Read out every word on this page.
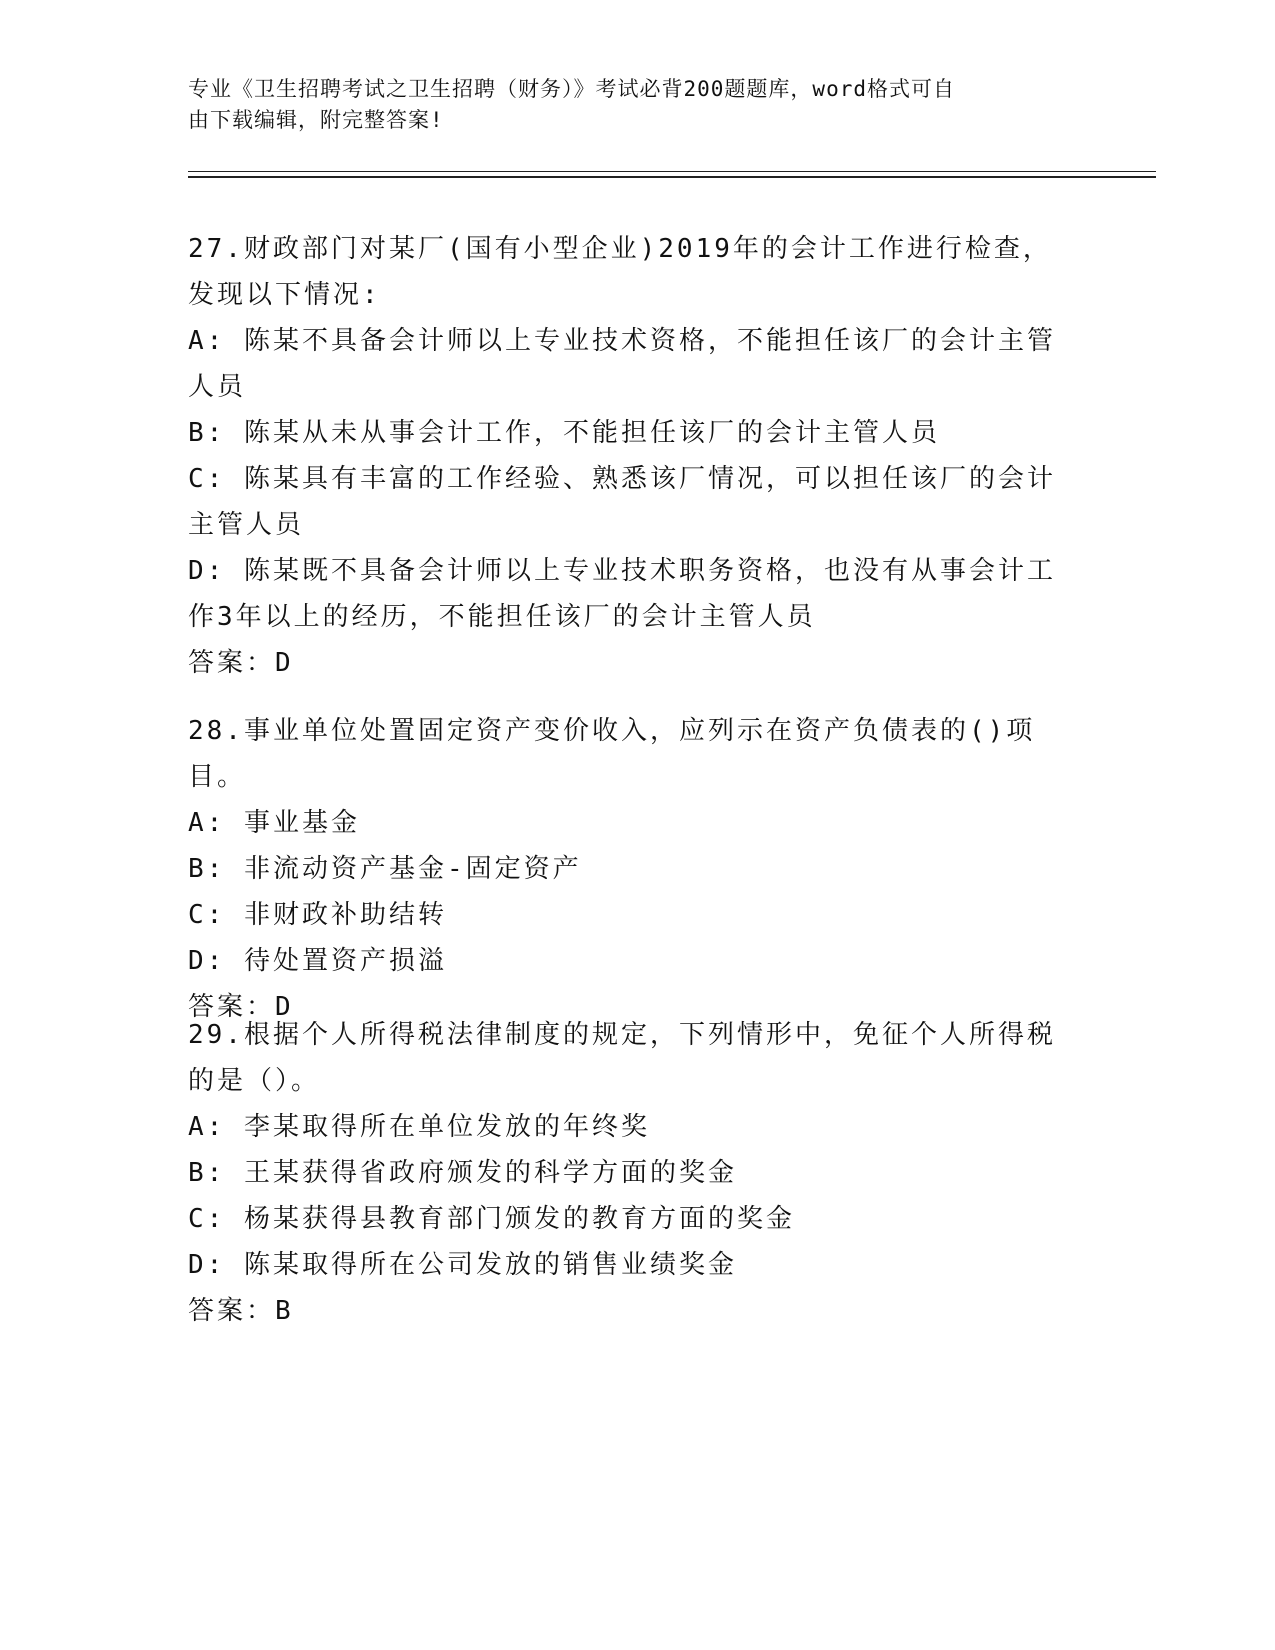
专业《卫生招聘考试之卫生招聘（财务）》考试必背200题题库，word格式可自
由下载编辑，附完整答案!
27.财政部门对某厂(国有小型企业)2019年的会计工作进行检查，发现以下情况:
A: 陈某不具备会计师以上专业技术资格，不能担任该厂的会计主管人员
B: 陈某从未从事会计工作，不能担任该厂的会计主管人员
C: 陈某具有丰富的工作经验、熟悉该厂情况，可以担任该厂的会计主管人员
D: 陈某既不具备会计师以上专业技术职务资格，也没有从事会计工作3年以上的经历，不能担任该厂的会计主管人员
答案：D
28.事业单位处置固定资产变价收入，应列示在资产负债表的()项目。
A: 事业基金
B: 非流动资产基金-固定资产
C: 非财政补助结转
D: 待处置资产损溢
答案：D
29.根据个人所得税法律制度的规定，下列情形中，免征个人所得税的是（）。
A: 李某取得所在单位发放的年终奖
B: 王某获得省政府颁发的科学方面的奖金
C: 杨某获得县教育部门颁发的教育方面的奖金
D: 陈某取得所在公司发放的销售业绩奖金
答案：B
